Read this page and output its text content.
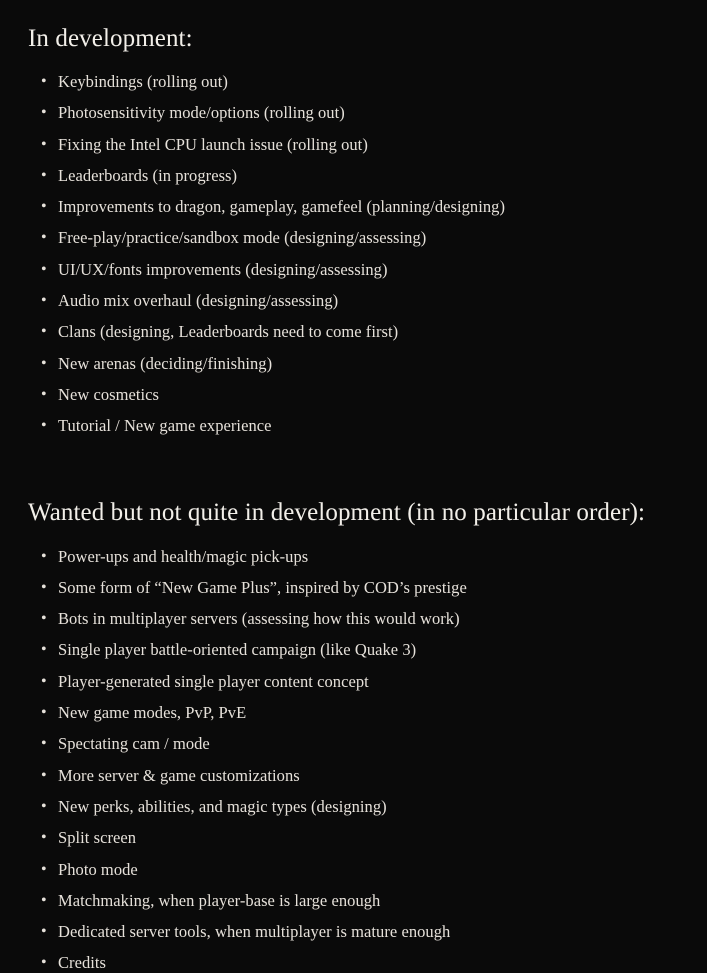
In development:
• Keybindings (rolling out)
• Photosensitivity mode/options (rolling out)
• Fixing the Intel CPU launch issue (rolling out)
• Leaderboards (in progress)
• Improvements to dragon, gameplay, gamefeel (planning/designing)
• Free-play/practice/sandbox mode (designing/assessing)
• UI/UX/fonts improvements (designing/assessing)
• Audio mix overhaul (designing/assessing)
• Clans (designing, Leaderboards need to come first)
• New arenas (deciding/finishing)
• New cosmetics
• Tutorial / New game experience
Wanted but not quite in development (in no particular order):
• Power-ups and health/magic pick-ups
• Some form of “New Game Plus”, inspired by COD’s prestige
• Bots in multiplayer servers (assessing how this would work)
• Single player battle-oriented campaign (like Quake 3)
• Player-generated single player content concept
• New game modes, PvP, PvE
• Spectating cam / mode
• More server & game customizations
• New perks, abilities, and magic types (designing)
• Split screen
• Photo mode
• Matchmaking, when player-base is large enough
• Dedicated server tools, when multiplayer is mature enough
• Credits
